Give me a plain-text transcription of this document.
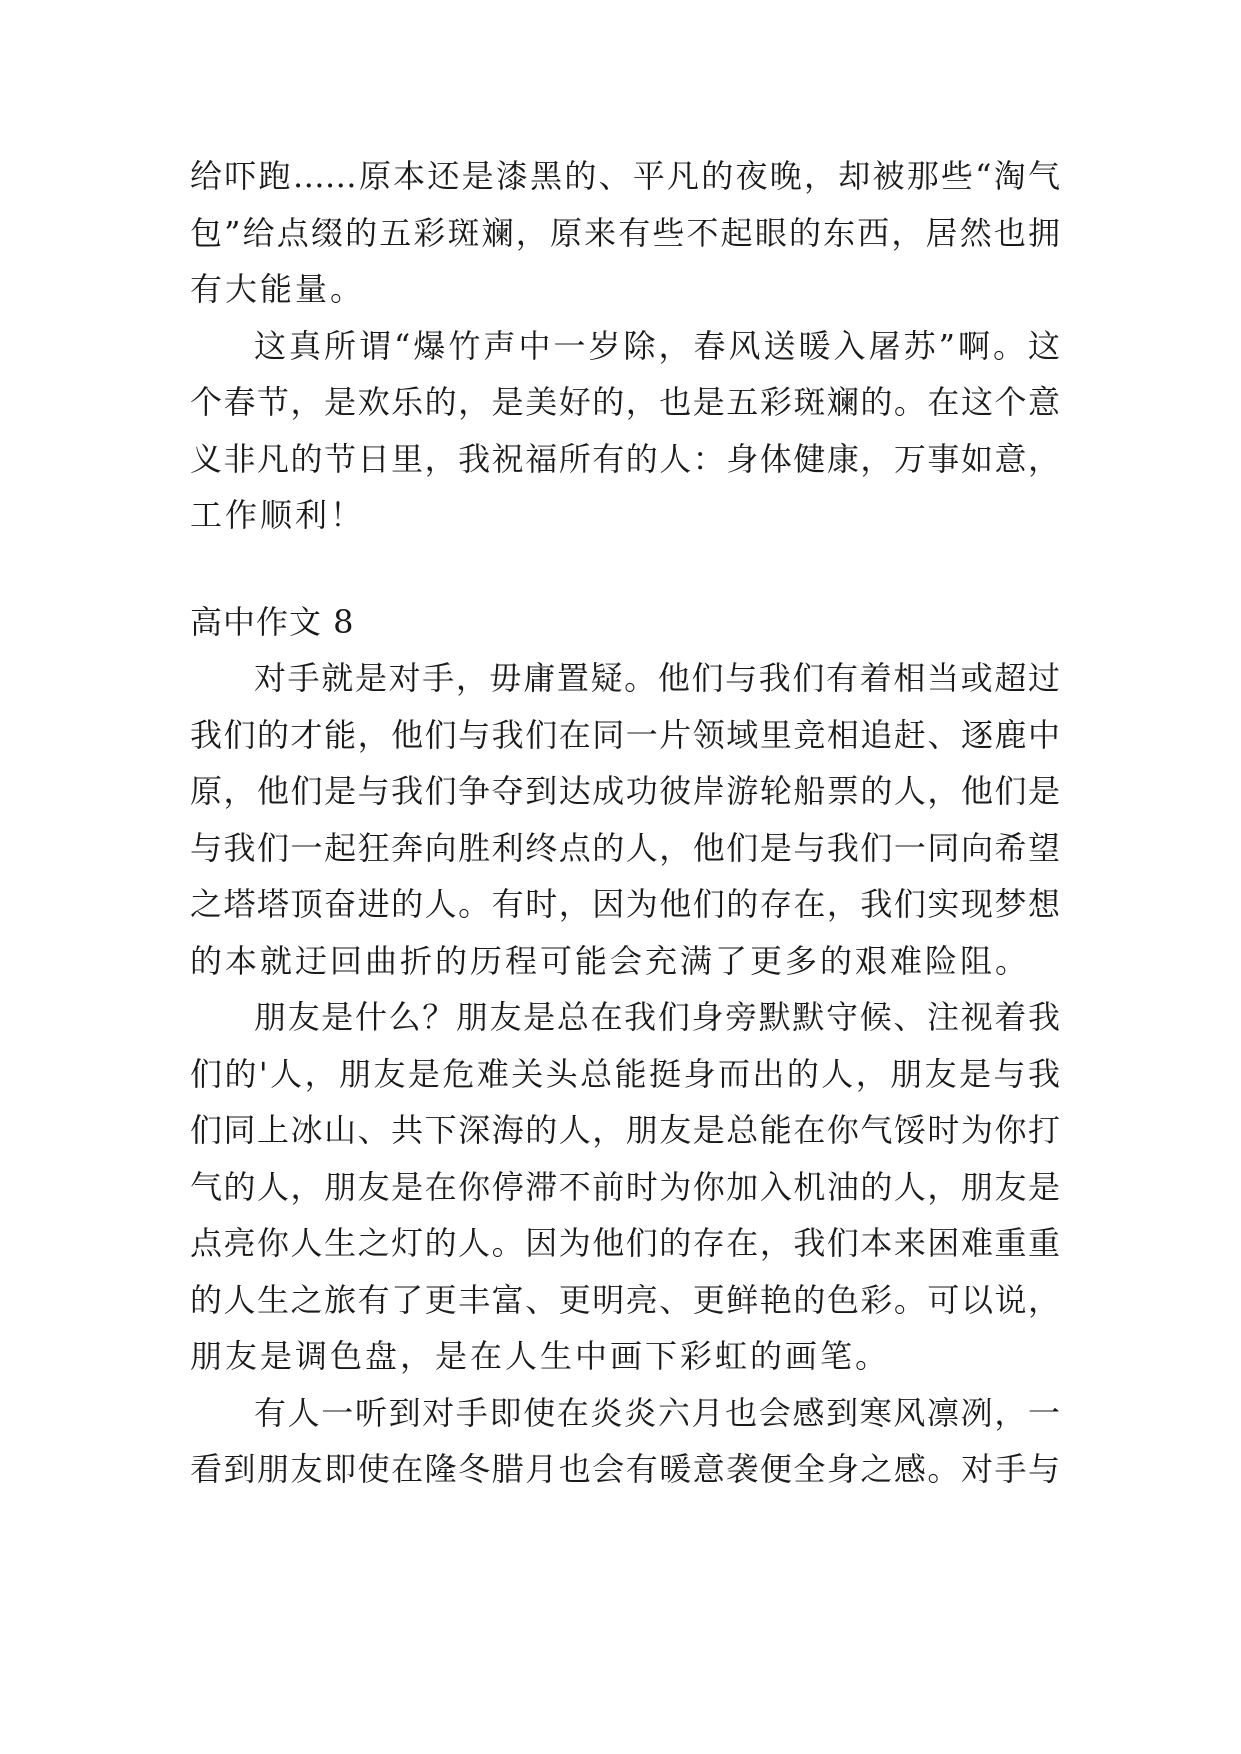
给吓跑……原本还是漆黑的、平凡的夜晚，却被那些“淘气
包”给点缀的五彩斑斓，原来有些不起眼的东西，居然也拥
有大能量。
这真所谓“爆竹声中一岁除，春风送暖入屠苏”啊。这
个春节，是欢乐的，是美好的，也是五彩斑斓的。在这个意
义非凡的节日里，我祝福所有的人：身体健康，万事如意，
工作顺利！
高中作文 8
对手就是对手，毋庸置疑。他们与我们有着相当或超过
我们的才能，他们与我们在同一片领域里竞相追赶、逐鹿中
原，他们是与我们争夺到达成功彼岸游轮船票的人，他们是
与我们一起狂奔向胜利终点的人，他们是与我们一同向希望
之塔塔顶奋进的人。有时，因为他们的存在，我们实现梦想
的本就迂回曲折的历程可能会充满了更多的艰难险阻。
朋友是什么？朋友是总在我们身旁默默守候、注视着我
们的'人，朋友是危难关头总能挺身而出的人，朋友是与我
们同上冰山、共下深海的人，朋友是总能在你气馁时为你打
气的人，朋友是在你停滞不前时为你加入机油的人，朋友是
点亮你人生之灯的人。因为他们的存在，我们本来困难重重
的人生之旅有了更丰富、更明亮、更鲜艳的色彩。可以说，
朋友是调色盘，是在人生中画下彩虹的画笔。
有人一听到对手即使在炎炎六月也会感到寒风凛冽，一
看到朋友即使在隆冬腊月也会有暖意袭便全身之感。对手与
